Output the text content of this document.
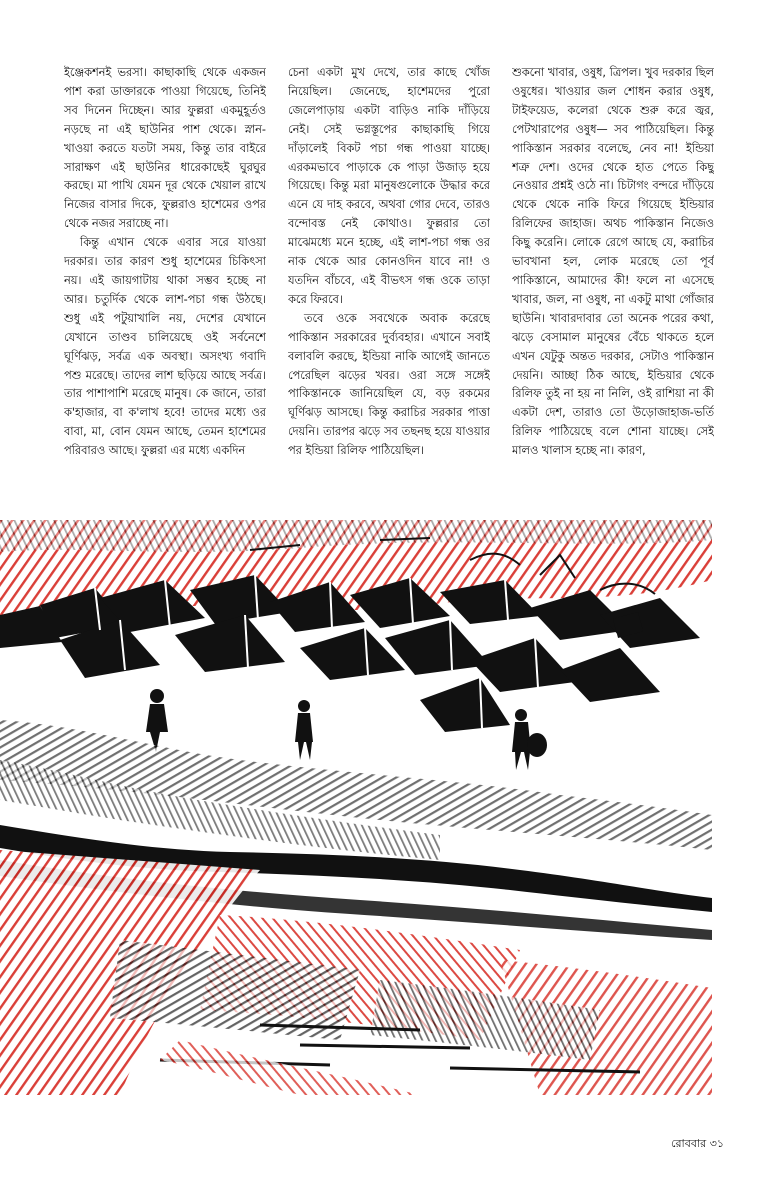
ইঞ্জেকশনই ভরসা। কাছাকাছি থেকে একজন পাশ করা ডাক্তারকে পাওয়া গিয়েছে, তিনিই সব দিনেন দিচ্ছেন। আর ফুল্লরা একমুহূর্তও নড়ছে না এই ছাউনির পাশ থেকে। স্নান-খাওয়া করতে যতটা সময়, কিন্তু তার বাইরে সারাক্ষণ এই ছাউনির ধারেকাছেই ঘুরঘুর করছে। মা পাখি যেমন দূর থেকে খেয়াল রাখে নিজের বাসার দিকে, ফুল্লরাও হাশেমের ওপর থেকে নজর সরাচ্ছে না।

কিন্তু এখান থেকে এবার সরে যাওয়া দরকার। তার কারণ শুধু হাশেমের চিকিৎসা নয়। এই জায়গাটায় থাকা সম্ভব হচ্ছে না আর। চতুর্দিক থেকে লাশ-পচা গন্ধ উঠছে। শুধু এই পটুয়াখালি নয়, দেশের যেখানে যেখানে তাণ্ডব চালিয়েছে ওই সর্বনেশে ঘূর্ণিঝড়, সর্বত্র এক অবস্থা। অসংখ্য গবাদি পশু মরেছে। তাদের লাশ ছড়িয়ে আছে সর্বত্র। তার পাশাপাশি মরেছে মানুষ। কে জানে, তারা ক'হাজার, বা ক'লাখ হবে! তাদের মধ্যে ওর বাবা, মা, বোন যেমন আছে, তেমন হাশেমের পরিবারও আছে। ফুল্লরা এর মধ্যে একদিন

চেনা একটা মুখ দেখে, তার কাছে খোঁজ নিয়েছিল। জেনেছে, হাশেমদের পুরো জেলেপাড়ায় একটা বাড়িও নাকি দাঁড়িয়ে নেই। সেই ভগ্নস্তূপের কাছাকাছি গিয়ে দাঁড়ালেই বিকট পচা গন্ধ পাওয়া যাচ্ছে। এরকমভাবে পাড়াকে কে পাড়া উজাড় হয়ে গিয়েছে। কিন্তু মরা মানুষগুলোকে উদ্ধার করে এনে যে দাহ করবে, অথবা গোর দেবে, তারও বন্দোবস্ত নেই কোথাও। ফুল্লরার তো মাঝেমধ্যে মনে হচ্ছে, এই লাশ-পচা গন্ধ ওর নাক থেকে আর কোনওদিন যাবে না! ও যতদিন বাঁচবে, এই বীভৎস গন্ধ ওকে তাড়া করে ফিরবে।

তবে ওকে সবথেকে অবাক করেছে পাকিস্তান সরকারের দুর্ব্যবহার। এখানে সবাই বলাবলি করছে, ইন্ডিয়া নাকি আগেই জানতে পেরেছিল ঝড়ের খবর। ওরা সঙ্গে সঙ্গেই পাকিস্তানকে জানিয়েছিল যে, বড় রকমের ঘূর্ণিঝড় আসছে। কিন্তু করাচির সরকার পাত্তা দেয়নি। তারপর ঝড়ে সব তছনছ হয়ে যাওয়ার পর ইন্ডিয়া রিলিফ পাঠিয়েছিল।

শুকনো খাবার, ওষুধ, ত্রিপল। খুব দরকার ছিল ওষুধের। খাওয়ার জল শোধন করার ওষুধ, টাইফয়েড, কলেরা থেকে শুরু করে জ্বর, পেটখারাপের ওষুধ— সব পাঠিয়েছিল। কিন্তু পাকিস্তান সরকার বলেছে, নেব না! ইন্ডিয়া শত্রু দেশ। ওদের থেকে হাত পেতে কিছু নেওয়ার প্রশ্নই ওঠে না। চিটাগং বন্দরে দাঁড়িয়ে থেকে থেকে নাকি ফিরে গিয়েছে ইন্ডিয়ার রিলিফের জাহাজ। অথচ পাকিস্তান নিজেও কিছু করেনি। লোকে রেগে আছে যে, করাচির ভাবখানা হল, লোক মরেছে তো পূর্ব পাকিস্তানে, আমাদের কী! ফলে না এসেছে খাবার, জল, না ওষুধ, না একটু মাথা গোঁজার ছাউনি। খাবারদাবার তো অনেক পরের কথা, ঝড়ে বেসামাল মানুষের বেঁচে থাকতে হলে এখন যেটুকু অন্তত দরকার, সেটাও পাকিস্তান দেয়নি। আচ্ছা ঠিক আছে, ইন্ডিয়ার থেকে রিলিফ তুই না হয় না নিলি, ওই রাশিয়া না কী একটা দেশ, তারাও তো উড়োজাহাজ-ভর্তি রিলিফ পাঠিয়েছে বলে শোনা যাচ্ছে। সেই মালও খালাস হচ্ছে না। কারণ,

রোববার ৩১
